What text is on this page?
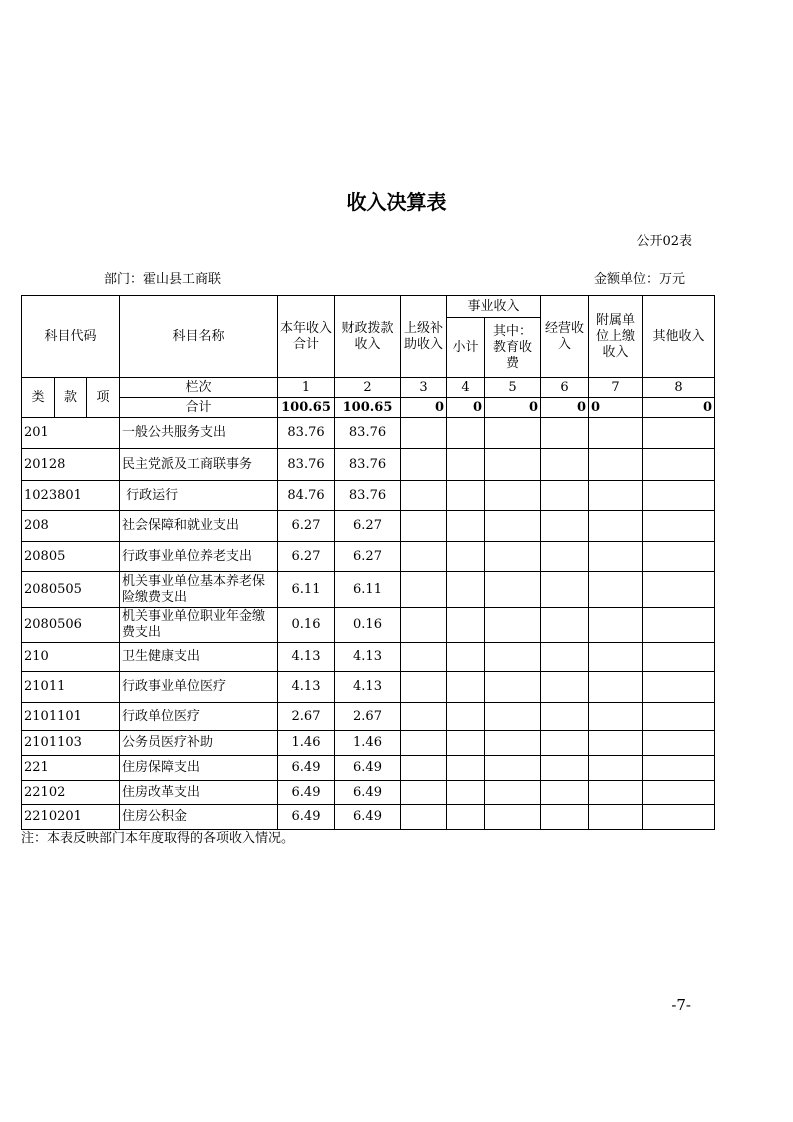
收入决算表
公开02表
部门：霍山县工商联	金额单位：万元
科目代码			科目名称	本年收入合计	财政拨款收入	上级补助收入	事业收入		经营收入	附属单位上缴收入	其他收入
							小计	其中：教育收费			
类	款	项	栏次	1	2	3	4	5	6	7	8
			合计	100.65	100.65	0	0	0	0	0	0
201			一般公共服务支出	83.76	83.76						
20128			民主党派及工商联事务	83.76	83.76						
1023801			行政运行	84.76	83.76						
208			社会保障和就业支出	6.27	6.27						
20805			行政事业单位养老支出	6.27	6.27						
2080505			机关事业单位基本养老保险缴费支出	6.11	6.11						
2080506			机关事业单位职业年金缴费支出	0.16	0.16						
210			卫生健康支出	4.13	4.13						
21011			行政事业单位医疗	4.13	4.13						
2101101			行政单位医疗	2.67	2.67						
2101103			公务员医疗补助	1.46	1.46						
221			住房保障支出	6.49	6.49						
22102			住房改革支出	6.49	6.49						
2210201			住房公积金	6.49	6.49						
注：本表反映部门本年度取得的各项收入情况。
-7-
